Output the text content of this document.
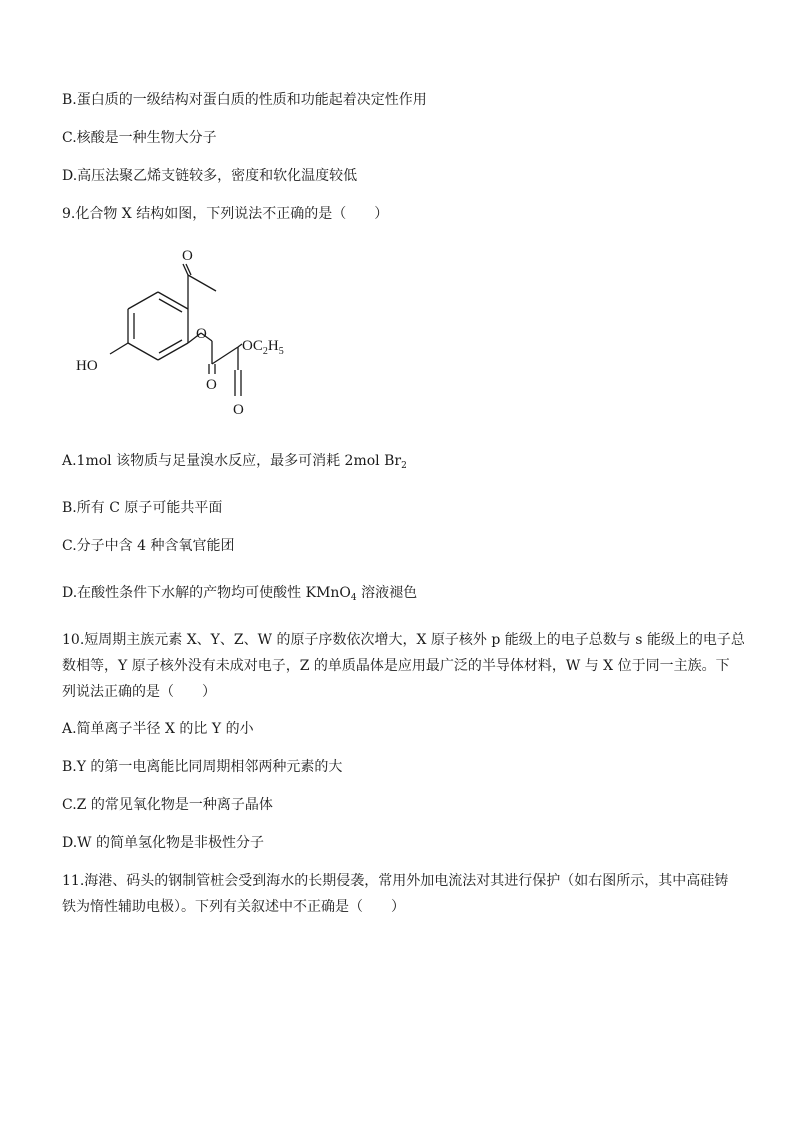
B.蛋白质的一级结构对蛋白质的性质和功能起着决定性作用
C.核酸是一种生物大分子
D.高压法聚乙烯支链较多，密度和软化温度较低
9.化合物 X 结构如图，下列说法不正确的是（　　）
O
HO
O
O
O
$OC_2H_5$
A.1mol 该物质与足量溴水反应，最多可消耗 2mol $Br_2$
B.所有 C 原子可能共平面
C.分子中含 4 种含氧官能团
D.在酸性条件下水解的产物均可使酸性 KMnO$_4$ 溶液褪色
10.短周期主族元素 X、Y、Z、W 的原子序数依次增大，X 原子核外 p 能级上的电子总数与 s 能级上的电子总
数相等，Y 原子核外没有未成对电子，Z 的单质晶体是应用最广泛的半导体材料，W 与 X 位于同一主族。下
列说法正确的是（　　）
A.简单离子半径 X 的比 Y 的小
B.Y 的第一电离能比同周期相邻两种元素的大
C.Z 的常见氧化物是一种离子晶体
D.W 的简单氢化物是非极性分子
11.海港、码头的钢制管桩会受到海水的长期侵袭，常用外加电流法对其进行保护（如右图所示，其中高硅铸
铁为惰性辅助电极）。下列有关叙述中不正确是（　　）
